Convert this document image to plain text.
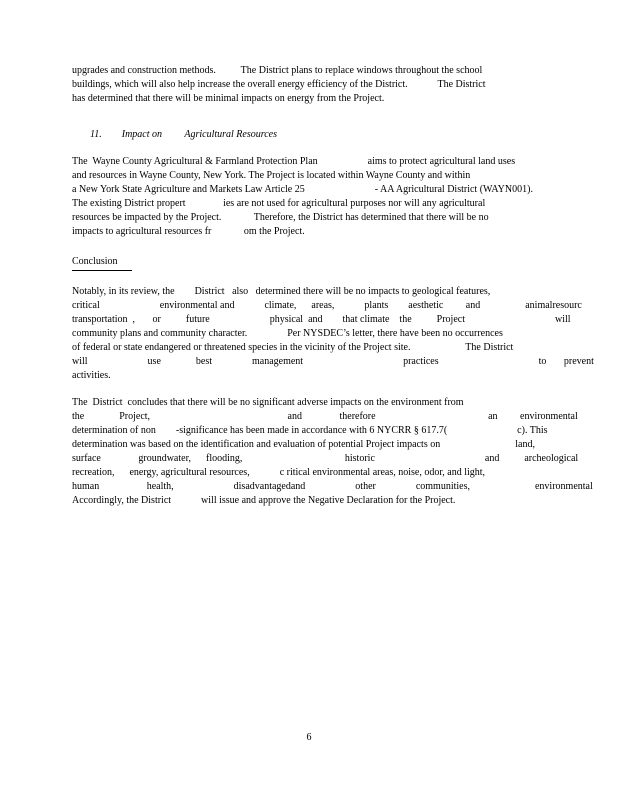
upgrades and construction methods.          The District plans to replace windows throughout the school
buildings, which will also help increase the overall energy efficiency of the District.            The District
has determined that there will be minimal impacts on energy from the Project.
11.        Impact on         Agricultural Resources
The  Wayne County Agricultural & Farmland Protection Plan                    aims to protect agricultural land uses
and resources in Wayne County, New York. The Project is located within Wayne County and within
a New York State Agriculture and Markets Law Article 25                            - AA Agricultural District (WAYN001).
The existing District propert               ies are not used for agricultural purposes nor will any agricultural
resources be impacted by the Project.             Therefore, the District has determined that there will be no
impacts to agricultural resources fr             om the Project.
Conclusion
Notably, in its review, the        District   also   determined there will be no impacts to geological features,
critical                        environmental and            climate,      areas,            plants        aesthetic         and                  animalresourc
transportation  ,       or          future                        physical  and        that climate    the          Project                                    will
community plans and community character.                Per NYSDEC’s letter, there have been no occurrences
of federal or state endangered or threatened species in the vicinity of the Project site.                      The District
will                        use              best                management                                        practices                                        to       prevent
activities.
The  District  concludes that there will be no significant adverse impacts on the environment from
the              Project,                                                       and               therefore                                             an         environmental
determination of non        -significance has been made in accordance with 6 NYCRR § 617.7(                            c). This
determination was based on the identification and evaluation of potential Project impacts on                              land,
surface               groundwater,      flooding,                                         historic                                            and          archeological
recreation,      energy, agricultural resources,            c ritical environmental areas, noise, odor, and light,
human                   health,                        disadvantagedand                    other                communities,                          environmental
Accordingly, the District            will issue and approve the Negative Declaration for the Project.
6
